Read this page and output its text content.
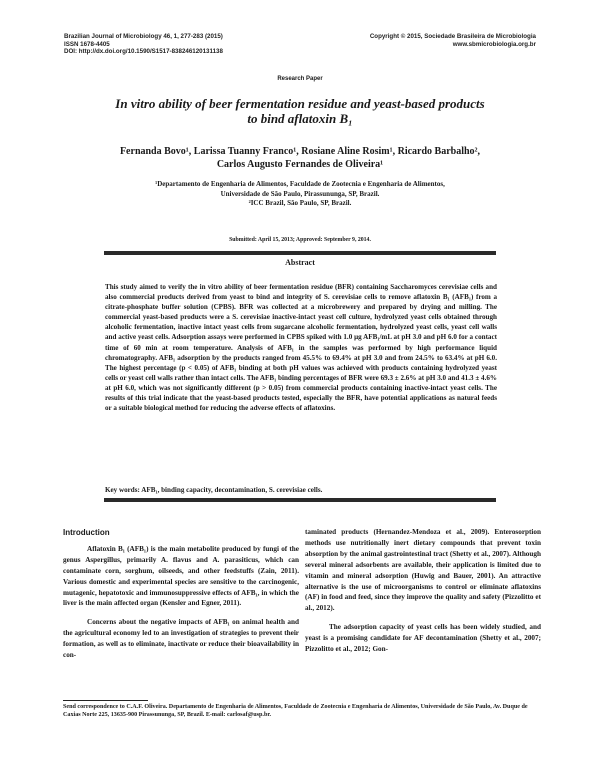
Brazilian Journal of Microbiology 46, 1, 277-283 (2015)
ISSN 1678-4405
DOI: http://dx.doi.org/10.1590/S1517-838246120131138
Copyright © 2015, Sociedade Brasileira de Microbiologia
www.sbmicrobiologia.org.br
Research Paper
In vitro ability of beer fermentation residue and yeast-based products
to bind aflatoxin B₁
Fernanda Bovo¹, Larissa Tuanny Franco¹, Rosiane Aline Rosim¹, Ricardo Barbalho²,
Carlos Augusto Fernandes de Oliveira¹
¹Departamento de Engenharia de Alimentos, Faculdade de Zootecnia e Engenharia de Alimentos,
Universidade de São Paulo, Pirassununga, SP, Brazil.
²ICC Brazil, São Paulo, SP, Brazil.
Submitted: April 15, 2013; Approved: September 9, 2014.
Abstract
This study aimed to verify the in vitro ability of beer fermentation residue (BFR) containing Saccharomyces cerevisiae cells and also commercial products derived from yeast to bind and integrity of S. cerevisiae cells to remove aflatoxin B₁ (AFB₁) from a citrate-phosphate buffer solution (CPBS). BFR was collected at a microbrewery and prepared by drying and milling. The commercial yeast-based products were a S. cerevisiae inactive-intact yeast cell culture, hydrolyzed yeast cells obtained through alcoholic fermentation, inactive intact yeast cells from sugarcane alcoholic fermentation, hydrolyzed yeast cells, yeast cell walls and active yeast cells. Adsorption assays were performed in CPBS spiked with 1.0 μg AFB₁/mL at pH 3.0 and pH 6.0 for a contact time of 60 min at room temperature. Analysis of AFB₁ in the samples was performed by high performance liquid chromatography. AFB₁ adsorption by the products ranged from 45.5% to 69.4% at pH 3.0 and from 24.5% to 63.4% at pH 6.0. The highest percentage (p < 0.05) of AFB₁ binding at both pH values was achieved with products containing hydrolyzed yeast cells or yeast cell walls rather than intact cells. The AFB₁ binding percentages of BFR were 69.3 ± 2.6% at pH 3.0 and 41.3 ± 4.6% at pH 6.0, which was not significantly different (p > 0.05) from commercial products containing inactive-intact yeast cells. The results of this trial indicate that the yeast-based products tested, especially the BFR, have potential applications as natural feeds or a suitable biological method for reducing the adverse effects of aflatoxins.
Key words: AFB₁, binding capacity, decontamination, S. cerevisiae cells.
Introduction

Aflatoxin B₁ (AFB₁) is the main metabolite produced by fungi of the genus Aspergillus, primarily A. flavus and A. parasiticus, which can contaminate corn, sorghum, oilseeds, and other feedstuffs (Zain, 2011). Various domestic and experimental species are sensitive to the carcinogenic, mutagenic, hepatotoxic and immunosuppressive effects of AFB₁, in which the liver is the main affected organ (Kensler and Egner, 2011).

Concerns about the negative impacts of AFB₁ on animal health and the agricultural economy led to an investigation of strategies to prevent their formation, as well as to eliminate, inactivate or reduce their bioavailability in con-

taminated products (Hernandez-Mendoza et al., 2009). Enterosorption methods use nutritionally inert dietary compounds that prevent toxin absorption by the animal gastrointestinal tract (Shetty et al., 2007). Although several mineral adsorbents are available, their application is limited due to vitamin and mineral adsorption (Huwig and Bauer, 2001). An attractive alternative is the use of microorganisms to control or eliminate aflatoxins (AF) in food and feed, since they improve the quality and safety (Pizzolitto et al., 2012).

The adsorption capacity of yeast cells has been widely studied, and yeast is a promising candidate for AF decontamination (Shetty et al., 2007; Pizzolitto et al., 2012; Gon-

Send correspondence to C.A.F. Oliveira. Departamento de Engenharia de Alimentos, Faculdade de Zootecnia e Engenharia de Alimentos, Universidade de São Paulo, Av. Duque de Caxias Norte 225, 13635-900 Pirassununga, SP, Brazil. E-mail: carlosaf@usp.br.
